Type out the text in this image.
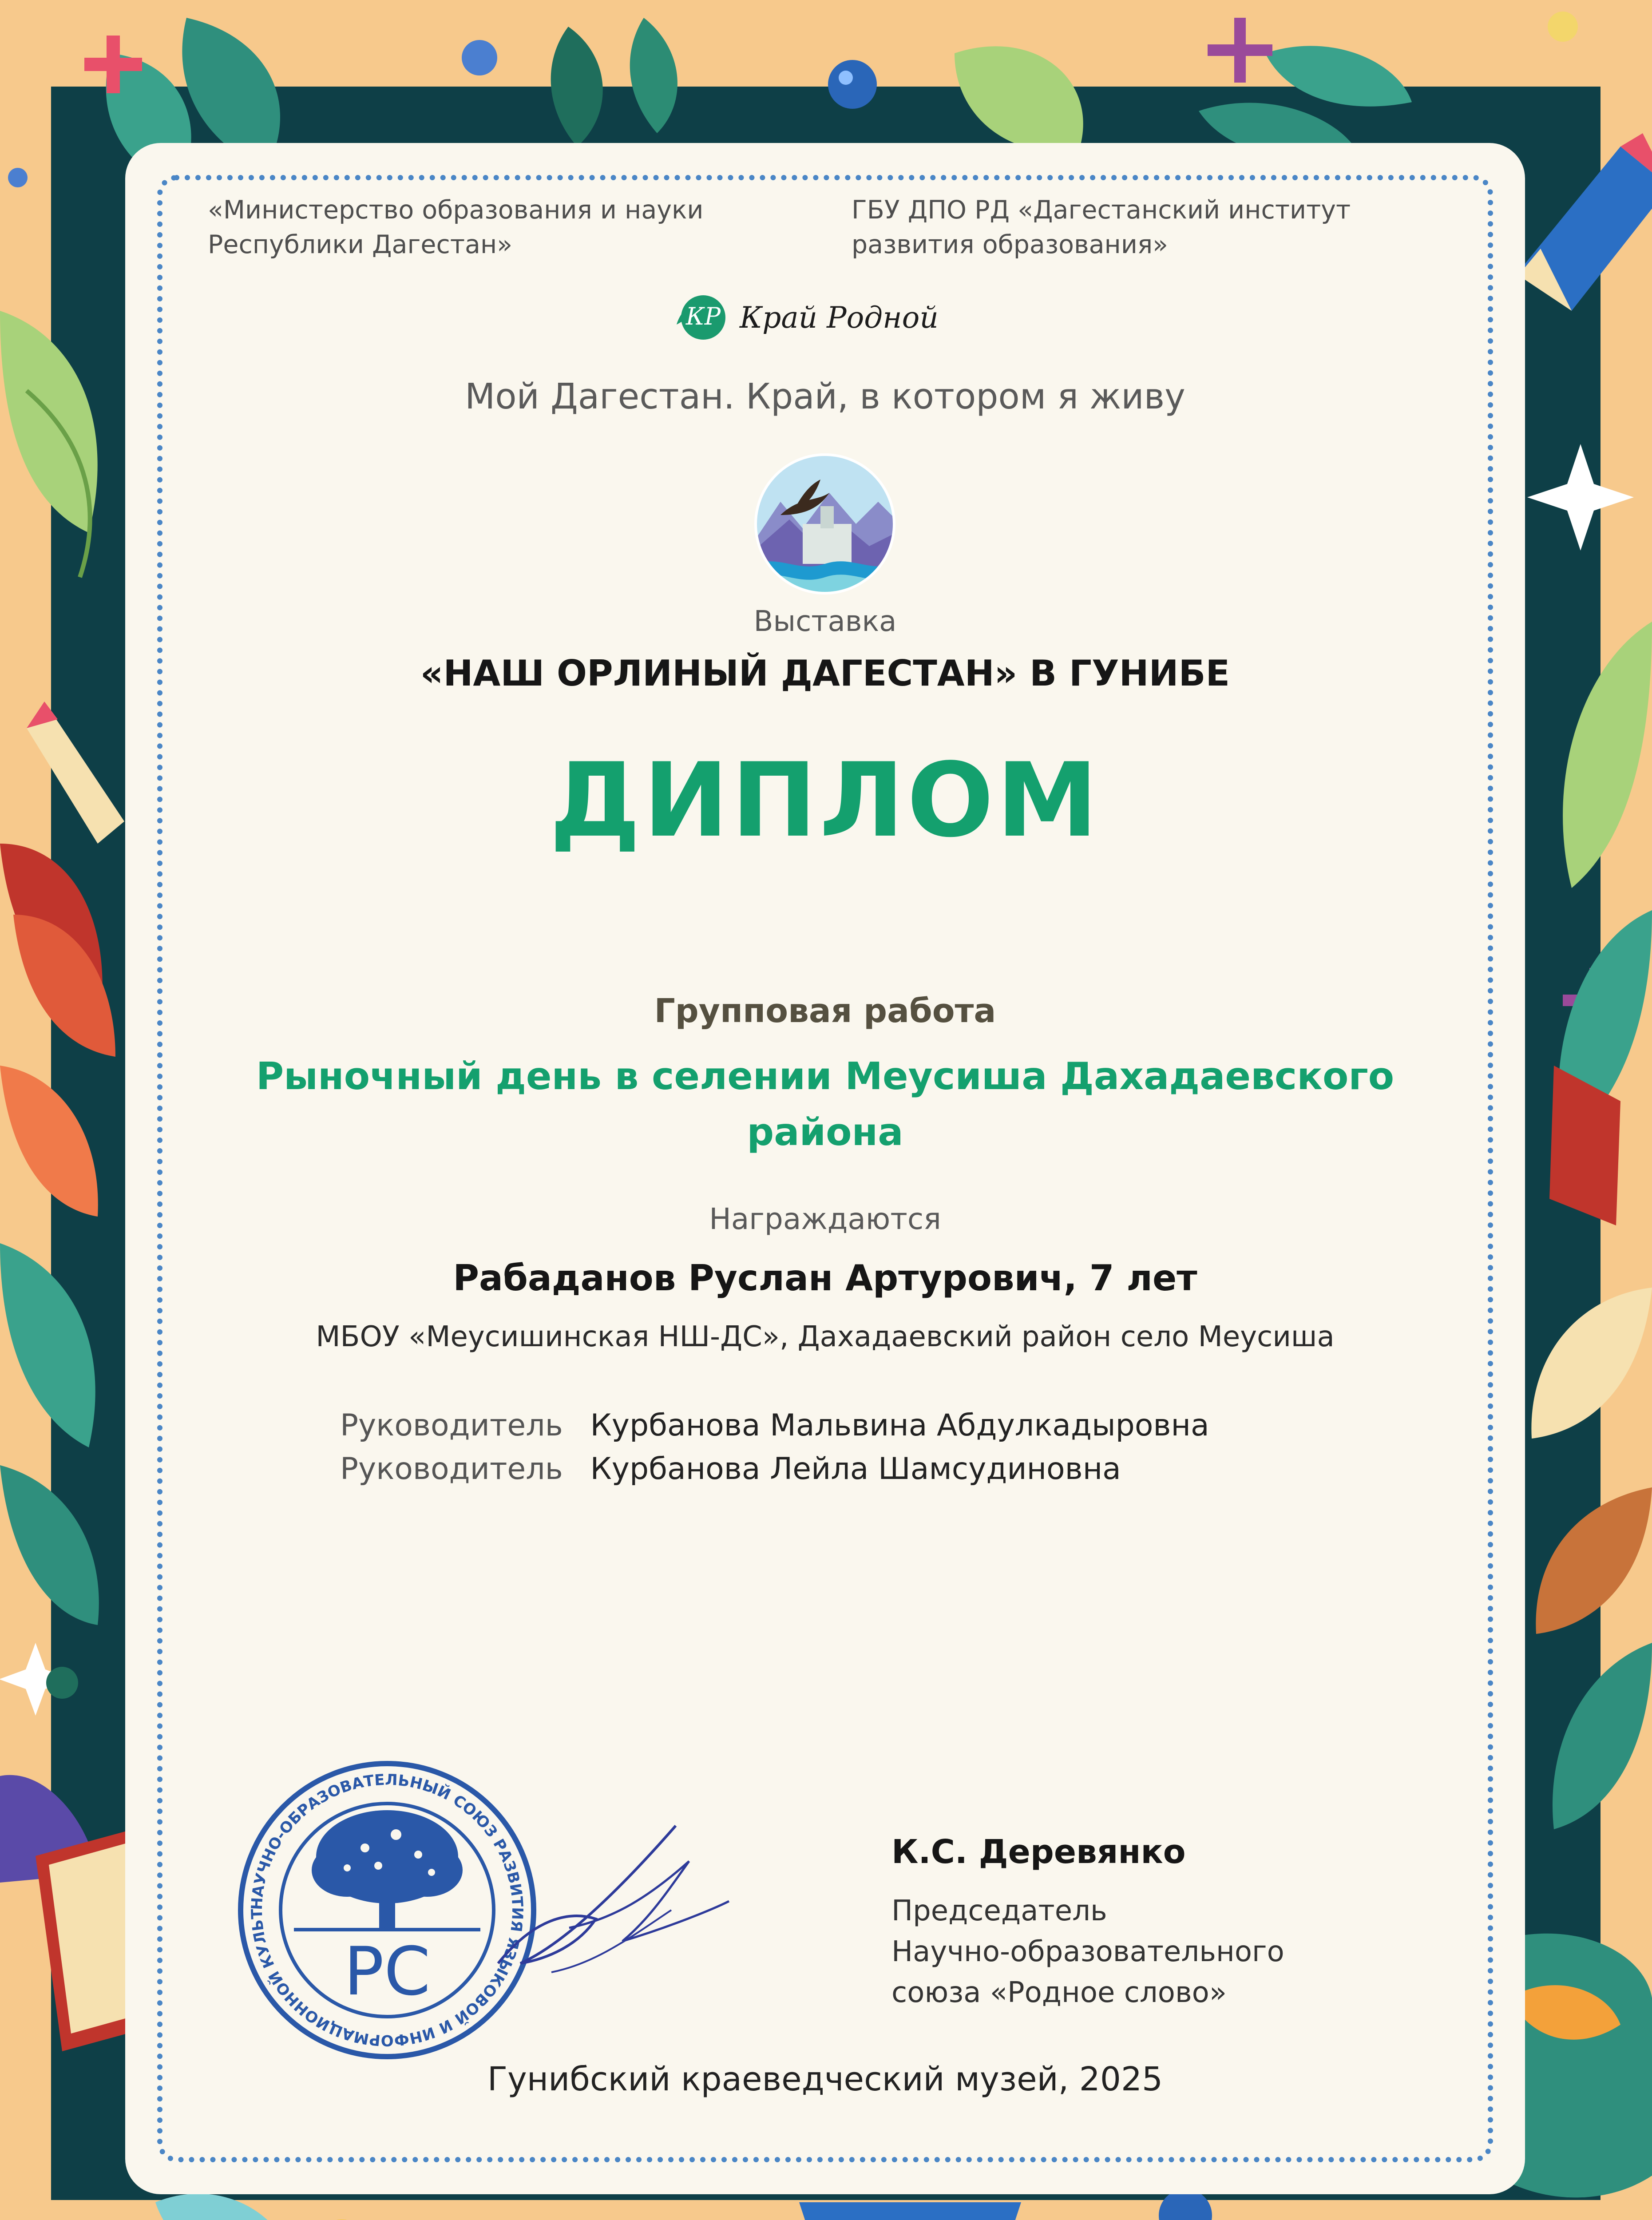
«Министерство образования и науки
Республики Дагестан»
ГБУ ДПО РД «Дагестанский институт
развития образования»
КР Край Родной
Мой Дагестан. Край, в котором я живу
Выставка
«НАШ ОРЛИНЫЙ ДАГЕСТАН» В ГУНИБЕ
ДИПЛОМ
Групповая работа
Рыночный день в селении Меусиша Дахадаевского
района
Награждаются
Рабаданов Руслан Артурович, 7 лет
МБОУ «Меусишинская НШ-ДС», Дахадаевский район село Меусиша
Руководитель Курбанова Мальвина Абдулкадыровна
Руководитель Курбанова Лейла Шамсудиновна
НАУЧНО-ОБРАЗОВАТЕЛЬНЫЙ СОЮЗ РАЗВИТИЯ ЯЗЫКОВОЙ И ИНФОРМАЦИОННОЙ КУЛЬТ
РС
К.С. Деревянко
Председатель
Научно-образовательного
союза «Родное слово»
Гунибский краеведческий музей, 2025
